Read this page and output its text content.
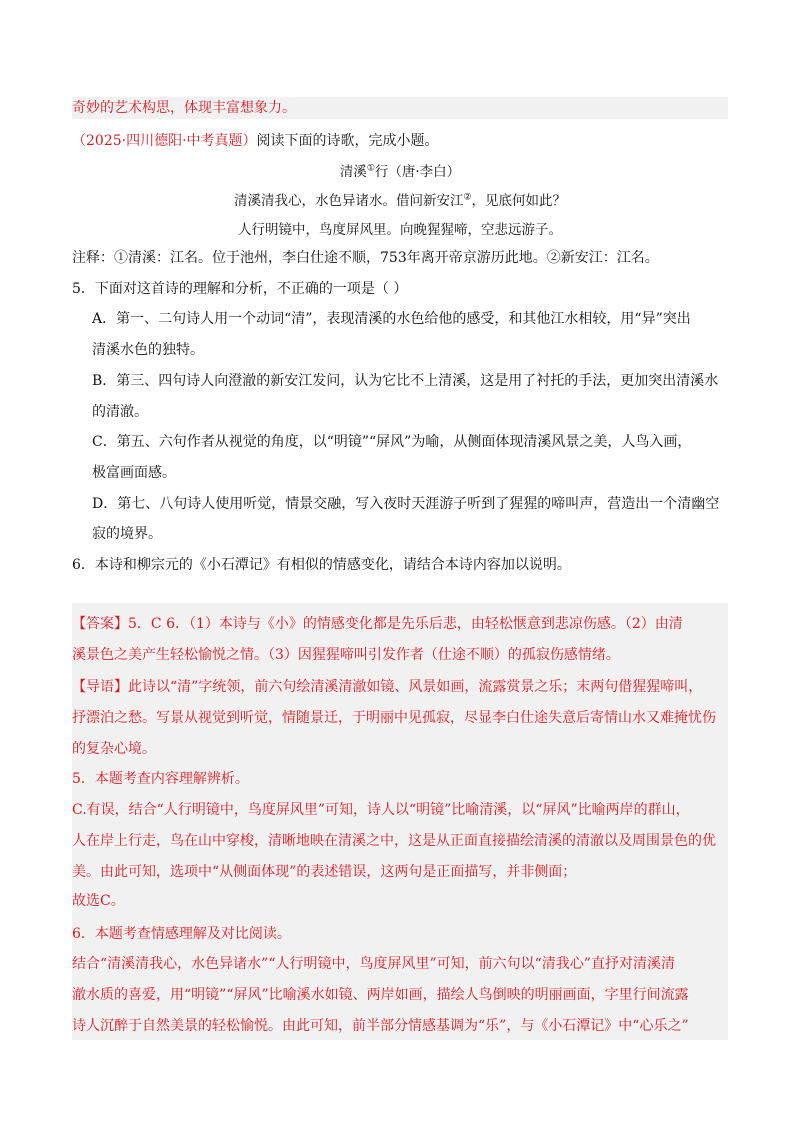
奇妙的艺术构思，体现丰富想象力。
（2025·四川德阳·中考真题）阅读下面的诗歌，完成小题。
清溪①行（唐·李白）
清溪清我心，水色异诸水。借问新安江②，见底何如此？
人行明镜中，鸟度屏风里。向晚猩猩啼，空悲远游子。
注释：①清溪：江名。位于池州，李白仕途不顺，753年离开帝京游历此地。②新安江：江名。
5．下面对这首诗的理解和分析，不正确的一项是（ ）
A．第一、二句诗人用一个动词“清”，表现清溪的水色给他的感受，和其他江水相较，用“异”突出
清溪水色的独特。
B．第三、四句诗人向澄澈的新安江发问，认为它比不上清溪，这是用了衬托的手法，更加突出清溪水
的清澈。
C．第五、六句作者从视觉的角度，以“明镜”“屏风”为喻，从侧面体现清溪风景之美，人鸟入画，
极富画面感。
D．第七、八句诗人使用听觉，情景交融，写入夜时天涯游子听到了猩猩的啼叫声，营造出一个清幽空
寂的境界。
6．本诗和柳宗元的《小石潭记》有相似的情感变化，请结合本诗内容加以说明。
【答案】5．C 6．（1）本诗与《小》的情感变化都是先乐后悲，由轻松惬意到悲凉伤感。（2）由清
溪景色之美产生轻松愉悦之情。（3）因猩猩啼叫引发作者（仕途不顺）的孤寂伤感情绪。
【导语】此诗以“清”字统领，前六句绘清溪清澈如镜、风景如画，流露赏景之乐；末两句借猩猩啼叫，
抒漂泊之愁。写景从视觉到听觉，情随景迁，于明丽中见孤寂，尽显李白仕途失意后寄情山水又难掩忧伤
的复杂心境。
5．本题考查内容理解辨析。
C.有误，结合“人行明镜中，鸟度屏风里”可知，诗人以“明镜”比喻清溪，以“屏风”比喻两岸的群山，
人在岸上行走，鸟在山中穿梭，清晰地映在清溪之中，这是从正面直接描绘清溪的清澈以及周围景色的优
美。由此可知，选项中“从侧面体现”的表述错误，这两句是正面描写，并非侧面；
故选C。
6．本题考查情感理解及对比阅读。
结合“清溪清我心，水色异诸水”“人行明镜中，鸟度屏风里”可知，前六句以“清我心”直抒对清溪清
澈水质的喜爱，用“明镜”“屏风”比喻溪水如镜、两岸如画，描绘人鸟倒映的明丽画面，字里行间流露
诗人沉醉于自然美景的轻松愉悦。由此可知，前半部分情感基调为“乐”，与《小石潭记》中“心乐之”
